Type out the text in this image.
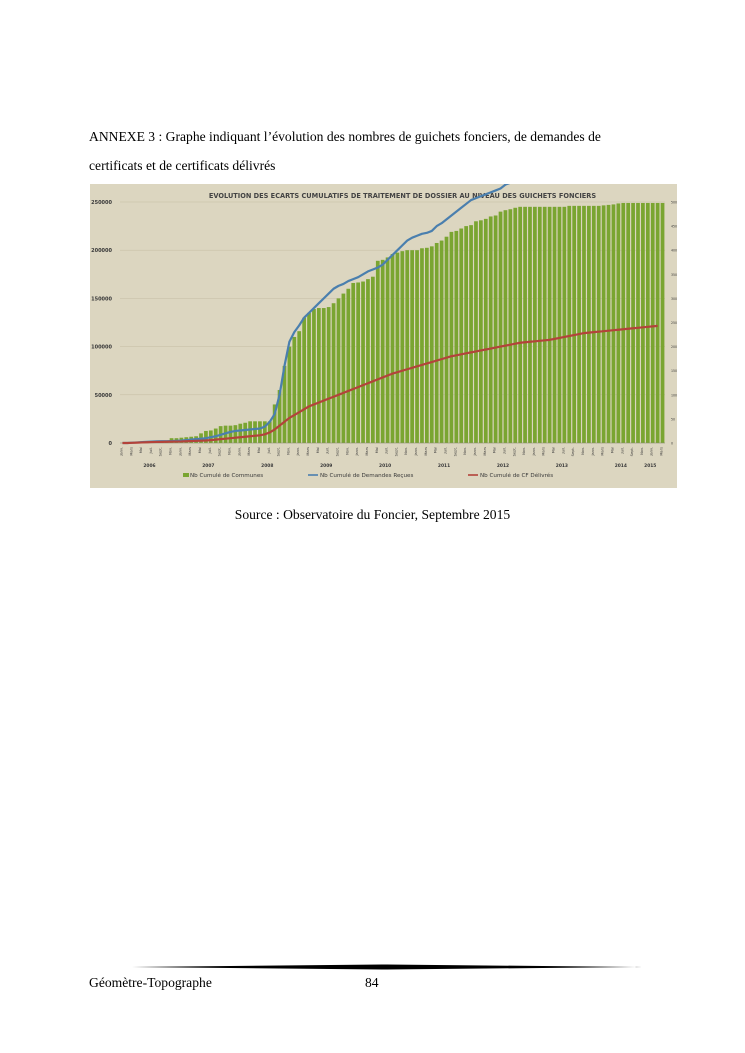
ANNEXE 3 : Graphe indiquant l’évolution des nombres de guichets fonciers, de demandes de
certificats et de certificats délivrés
EVOLUTION DES ECARTS CUMULATIFS DE TRAITEMENT DE DOSSIER AU NIVEAU DES GUICHETS FONCIERS
0
50000
100000
150000
200000
250000
0
50
100
150
200
250
300
350
400
450
500
Janv. Mars Mai Juil. Sept. Nov. Janv. Mars Mai Juil. Sept. Nov. Janv. Mars Mai Juil. Sept. Nov. Janv. Mars Mai Juil. Sept. Nov. Janv. Mars Mai Juil. Sept. Nov. Janv. Mars Mai Juil. Sept. Nov. Janv. Mars Mai Juil. Sept. Nov. Janv. Mars Mai Juil. Sept. Nov. Janv. Mars Mai Juil. Sept. Nov. Janv. Mars
2006	2007	2008	2009	2010	2011	2012	2013	2014	2015
Nb Cumulé de Communes	Nb Cumulé de Demandes Reçues	Nb Cumulé de CF Délivrés
Source : Observatoire du Foncier, Septembre 2015
Géomètre-Topographe	84
